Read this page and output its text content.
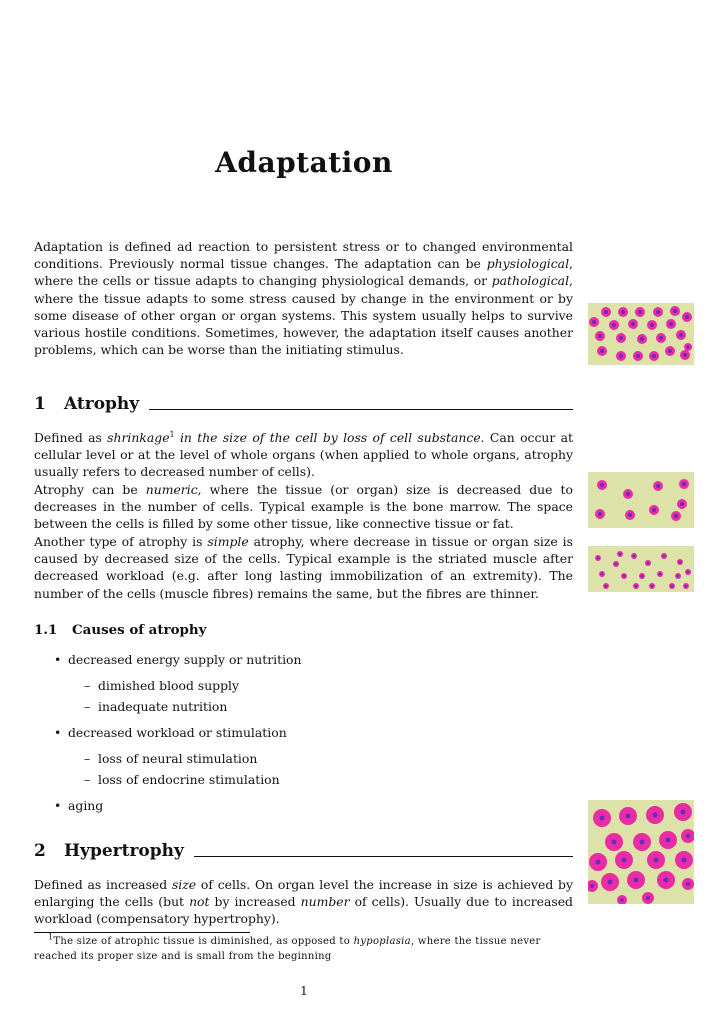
Adaptation

Adaptation is defined ad reaction to persistent stress or to changed environmental conditions. Previously normal tissue changes. The adaptation can be physiological, where the cells or tissue adapts to changing physiological demands, or pathological, where the tissue adapts to some stress caused by change in the environment or by some disease of other organ or organ systems. This system usually helps to survive various hostile conditions. Sometimes, however, the adaptation itself causes another problems, which can be worse than the initiating stimulus.

1	Atrophy

Defined as shrinkage$^1$ in the size of the cell by loss of cell substance. Can occur at cellular level or at the level of whole organs (when applied to whole organs, atrophy usually refers to decreased number of cells).

Atrophy can be numeric, where the tissue (or organ) size is decreased due to decreases in the number of cells. Typical example is the bone marrow. The space between the cells is filled by some other tissue, like connective tissue or fat.

Another type of atrophy is simple atrophy, where decrease in tissue or organ size is caused by decreased size of the cells. Typical example is the striated muscle after decreased workload (e.g. after long lasting immobilization of an extremity). The number of the cells (muscle fibres) remains the same, but the fibres are thinner.

1.1 Causes of atrophy
• decreased energy supply or nutrition
– dimished blood supply
– inadequate nutrition
• decreased workload or stimulation
– loss of neural stimulation
– loss of endocrine stimulation
• aging
2	Hypertrophy

Defined as increased size of cells. On organ level the increase in size is achieved by enlarging the cells (but not by increased number of cells). Usually due to increased workload (compensatory hypertrophy).

$^1$The size of atrophic tissue is diminished, as opposed to hypoplasia, where the tissue never reached its proper size and is small from the beginning

1
